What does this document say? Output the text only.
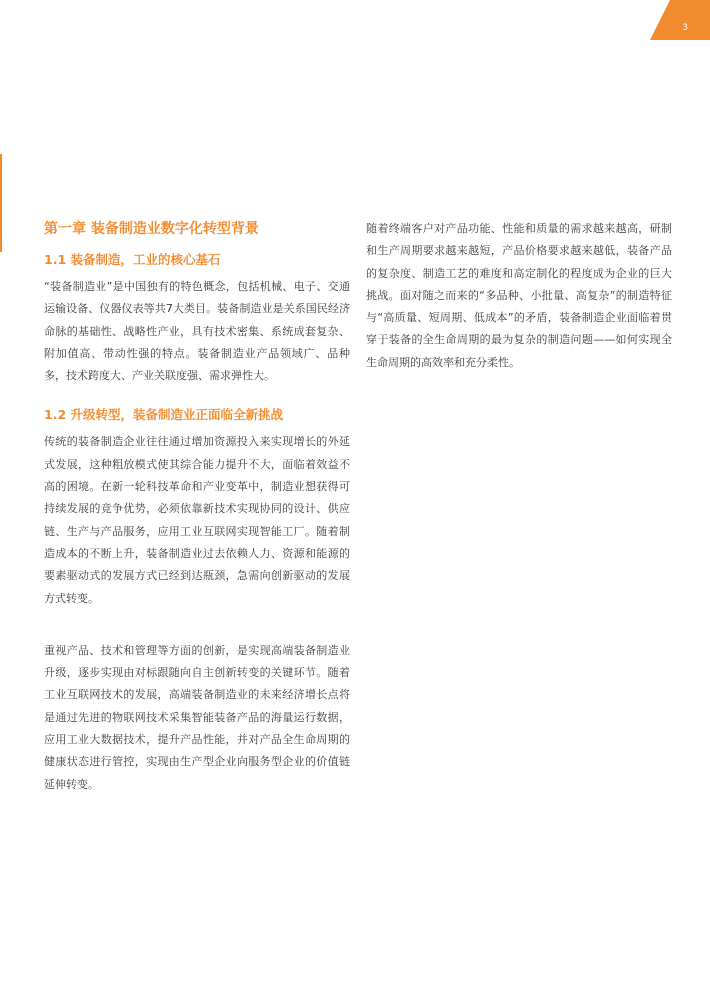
3
第一章 装备制造业数字化转型背景
1.1 装备制造，工业的核心基石

“装备制造业”是中国独有的特色概念，包括机械、电子、交通运输设备、仪器仪表等共7大类目。装备制造业是关系国民经济命脉的基础性、战略性产业，具有技术密集、系统成套复杂、附加值高、带动性强的特点。装备制造业产品领域广、品种多，技术跨度大、产业关联度强、需求弹性大。

1.2 升级转型，装备制造业正面临全新挑战

传统的装备制造企业往往通过增加资源投入来实现增长的外延式发展，这种粗放模式使其综合能力提升不大，面临着效益不高的困境。在新一轮科技革命和产业变革中，制造业想获得可持续发展的竞争优势，必须依靠新技术实现协同的设计、供应链、生产与产品服务，应用工业互联网实现智能工厂。随着制造成本的不断上升，装备制造业过去依赖人力、资源和能源的要素驱动式的发展方式已经到达瓶颈，急需向创新驱动的发展方式转变。

重视产品、技术和管理等方面的创新，是实现高端装备制造业升级，逐步实现由对标跟随向自主创新转变的关键环节。随着工业互联网技术的发展，高端装备制造业的未来经济增长点将是通过先进的物联网技术采集智能装备产品的海量运行数据，应用工业大数据技术，提升产品性能，并对产品全生命周期的健康状态进行管控，实现由生产型企业向服务型企业的价值链延伸转变。

随着终端客户对产品功能、性能和质量的需求越来越高，研制和生产周期要求越来越短，产品价格要求越来越低，装备产品的复杂度、制造工艺的难度和高定制化的程度成为企业的巨大挑战。面对随之而来的“多品种、小批量、高复杂”的制造特征与“高质量、短周期、低成本”的矛盾，装备制造企业面临着贯穿于装备的全生命周期的最为复杂的制造问题——如何实现全生命周期的高效率和充分柔性。
